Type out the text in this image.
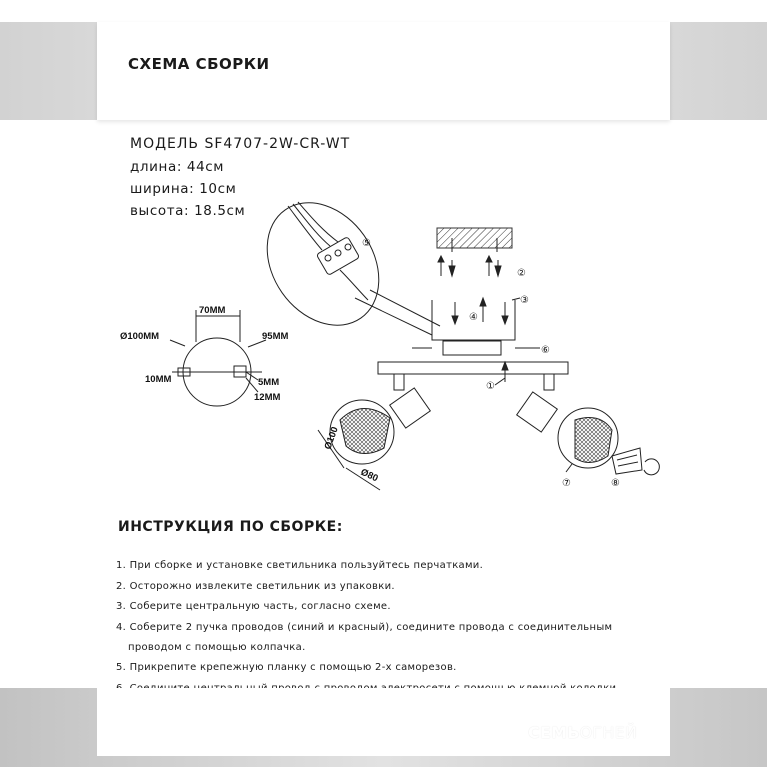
СХЕМА СБОРКИ
МОДЕЛЬ SF4707-2W-CR-WT
длина: 44см
ширина: 10см
высота: 18.5см
70MM
Ø100MM	95MM
10MM	5MM
12MM
Ø100
Ø80
①
②
③
④
⑤
⑥
⑦	⑧
ИНСТРУКЦИЯ ПО СБОРКЕ:
1. При сборке и установке светильника пользуйтесь перчатками.
2. Осторожно извлеките светильник из упаковки.
3. Соберите центральную часть, согласно схеме.
4. Соберите 2 пучка проводов (синий и красный), соедините провода с соединительным
проводом с помощью колпачка.
5. Прикрепите крепежную планку с помощью 2-х саморезов.
СЕМЬОГНЕЙ
